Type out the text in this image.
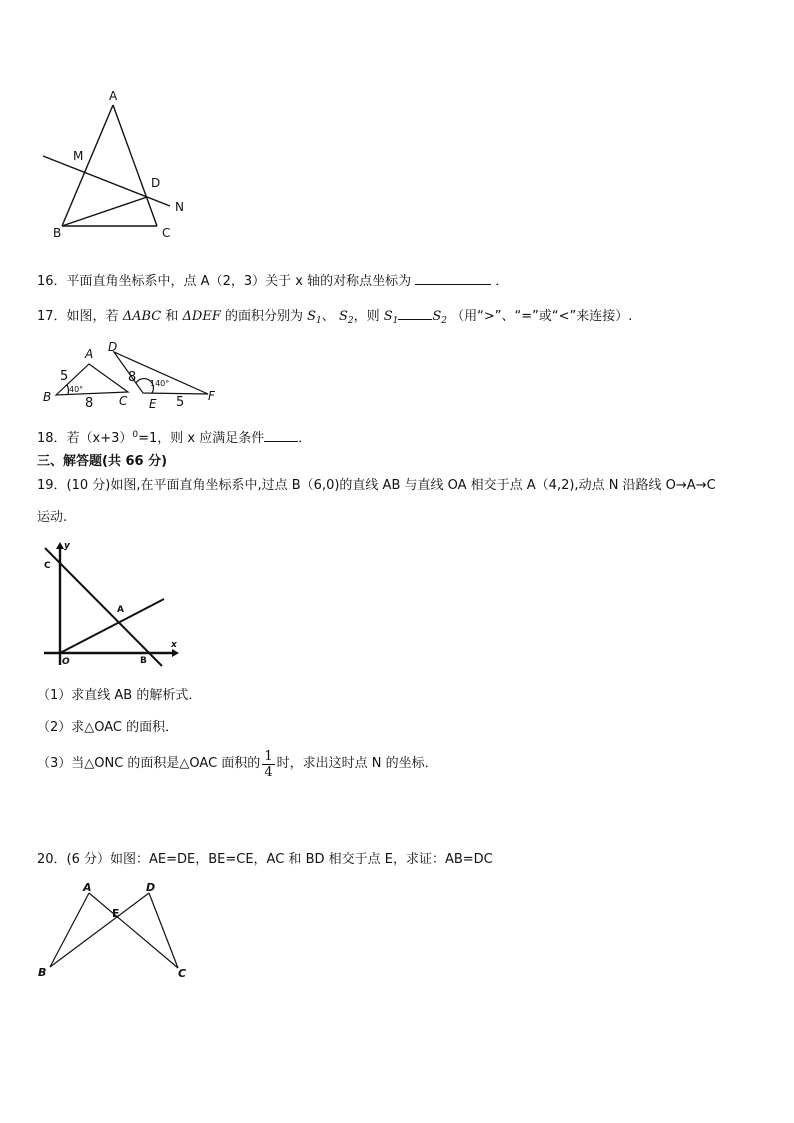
A
M
D
N
B	C
16．平面直角坐标系中，点 A（2，3）关于 x 轴的对称点坐标为	．
17．如图，若 ΔABC 和 ΔDEF 的面积分别为 $S_1$、 $S_2$，则 $S_1$	$S_2$ （用“>”、“=”或“<”来连接）.
A
B	C
D
E
F
5
8
40°
8
5
140°
18．若$(x+3)^0=1$，则 x 应满足条件	．
三、解答题(共 66 分)
19．(10 分)如图,在平面直角坐标系中,过点 B（6,0)的直线 AB 与直线 OA 相交于点 A（4,2),动点 N 沿路线 O→A→C
运动.
y
x
C
A
O	B
（1）求直线 AB 的解析式．
（2）求△OAC 的面积．
（3）当△ONC 的面积是△OAC 面积的 $\frac{1}{4}$ 时，求出这时点 N 的坐标．
20．(6 分）如图：AE=DE，BE=CE，AC 和 BD 相交于点 E，求证：AB=DC
A	D
E
B	C
